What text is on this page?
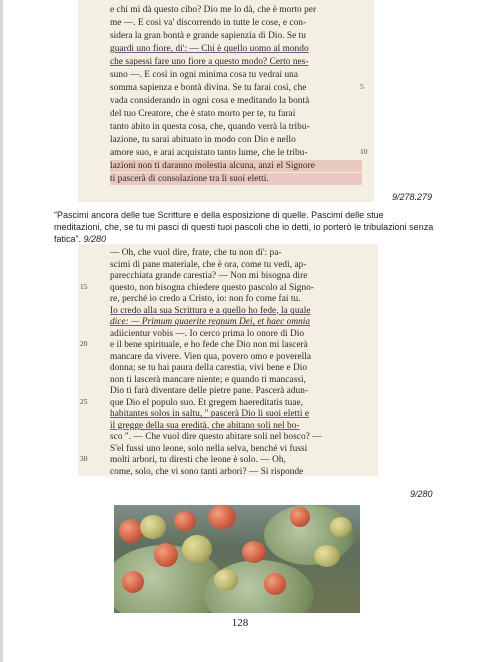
e chi mi dà questo cibo? Dio me lo dà, che è morto per
me —. E così va' discorrendo in tutte le cose, e con-
sidera la gran bontà e grande sapienzia di Dio. Se tu
guardi uno fiore, di': — Chi è quello uomo al mondo
che sapessi fare uno fiore a questo modo? Certo nes-
suno —. E così in ogni minima cosa tu vedrai una
somma sapienza e bontà divina. Se tu farai così, che
vada considerando in ogni cosa e meditando la bontà
del tuo Creatore, che è stato morto per te, tu farai
tanto abito in questa cosa, che, quando verrà la tribu-
lazione, tu sarai abituato in modo con Dio e nello
amore suo, e arai acquistato tanto lume, che le tribu-
lazioni non ti daranno molestia alcuna, anzi el Signore
ti pascerà di consolazione tra li suoi eletti.
5
10
9/278.279
“Pascimi ancora delle tue Scritture e della esposizione di quelle. Pascimi delle stue meditazioni, che, se tu mi pasci di questi tuoi pascoli che io detti, io porterò le tribulazioni senza fatica”. 9/280
— Oh, che vuol dire, frate, che tu non di': pa-
scimi di pane materiale, che è ora, come tu vedi, ap-
parecchiata grande carestia? — Non mi bisogna dire
questo, non bisogna chiedere questo pascolo al Signo-
re, perché io credo a Cristo, io: non fo come fai tu.
Io credo alla sua Scrittura e a quello ho fede, la quale
dice: — Primum quaerite regnum Dei, et haec omnia
adiicientur vobis —. Io cerco prima lo onore di Dio
e il bene spirituale, e ho fede che Dio non mi lascerà
mancare da vivere. Vien qua, povero omo e poverella
donna; se tu hai paura della carestia, vivi bene e Dio
non ti lascerà mancare niente; e quando ti mancassi,
Dio ti farà diventare delle pietre pane. Pascerà adun-
que Dio el populo suo. Et gregem haereditatis tuae,
habitantes solos in saltu, " pascerà Dio li suoi eletti e
il gregge della sua eredità, che abitano soli nel bo-
sco ". — Che vuol dire questo abitare soli nel bosco? —
S'el fussi uno leone, solo nella selva, benché vi fussi
molti arbori, tu diresti che leone è solo. — Oh,
come, solo, che vi sono tanti arbori? — Si risponde
15
20
25
30
9/280
128
